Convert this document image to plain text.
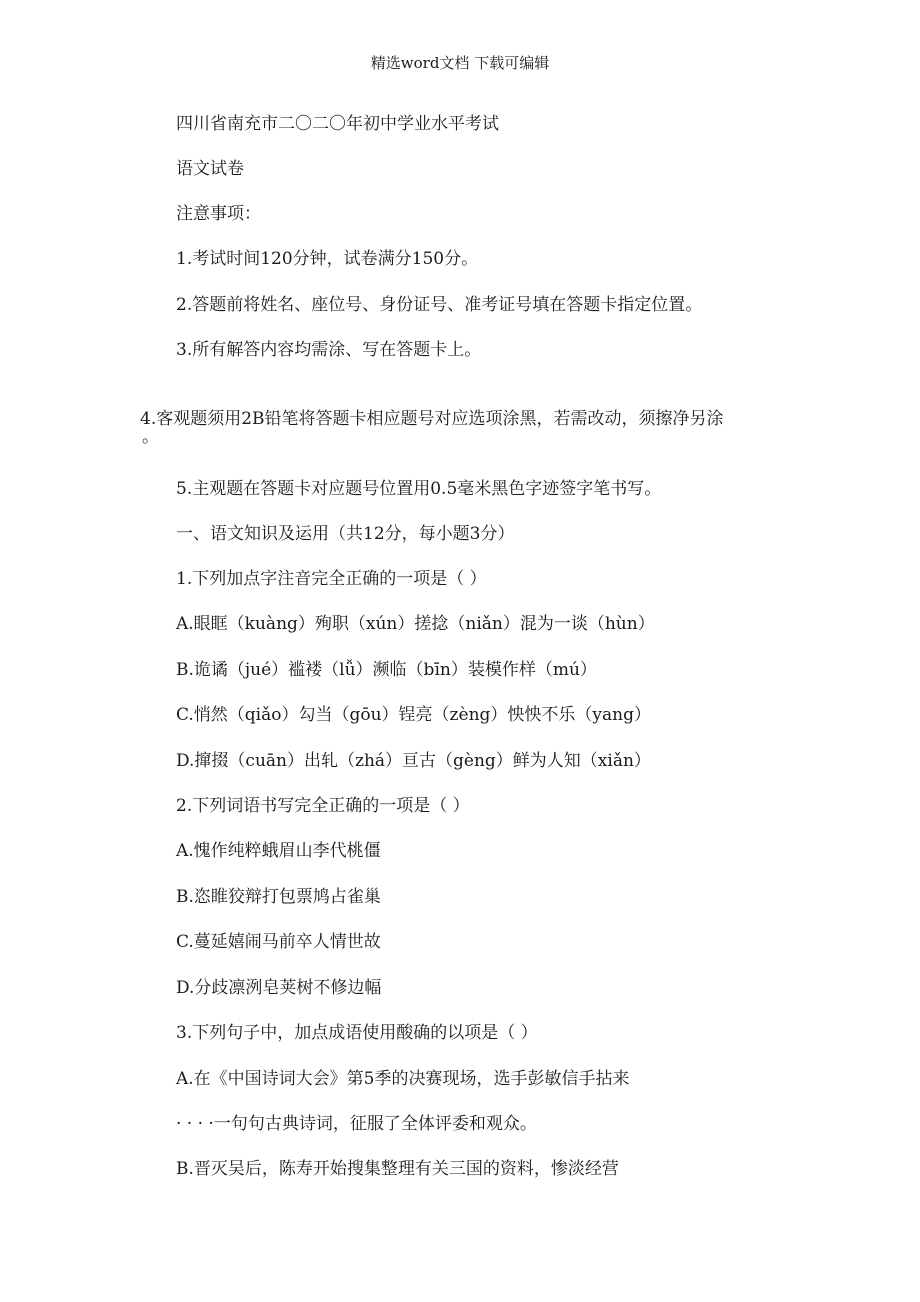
精选word文档 下载可编辑
四川省南充市二〇二〇年初中学业水平考试
语文试卷
注意事项：
1.考试时间120分钟，试卷满分150分。
2.答题前将姓名、座位号、身份证号、准考证号填在答题卡指定位置。
3.所有解答内容均需涂、写在答题卡上。
4.客观题须用2B铅笔将答题卡相应题号对应选项涂黑，若需改动，须擦净另涂
。
5.主观题在答题卡对应题号位置用0.5毫米黑色字迹签字笔书写。
一、语文知识及运用（共12分，每小题3分）
1.下列加点字注音完全正确的一项是（ ）
A.眼眶（kuàng）殉职（xún）搓捻（niǎn）混为一谈（hùn）
B.诡谲（jué）褴褛（lǚ）濒临（bīn）装模作样（mú）
C.悄然（qiǎo）勾当（gōu）锃亮（zèng）怏怏不乐（yang）
D.撺掇（cuān）出轧（zhá）亘古（gèng）鲜为人知（xiǎn）
2.下列词语书写完全正确的一项是（ ）
A.愧作纯粹蛾眉山李代桃僵
B.恣睢狡辩打包票鸠占雀巢
C.蔓延嬉闹马前卒人情世故
D.分歧凛洌皂荚树不修边幅
3.下列句子中，加点成语使用酸确的以项是（ ）
A.在《中国诗词大会》第5季的决赛现场，选手彭敏信手拈来
· · · ·一句句古典诗词，征服了全体评委和观众。
B.晋灭吴后，陈寿开始搜集整理有关三国的资料，惨淡经营
